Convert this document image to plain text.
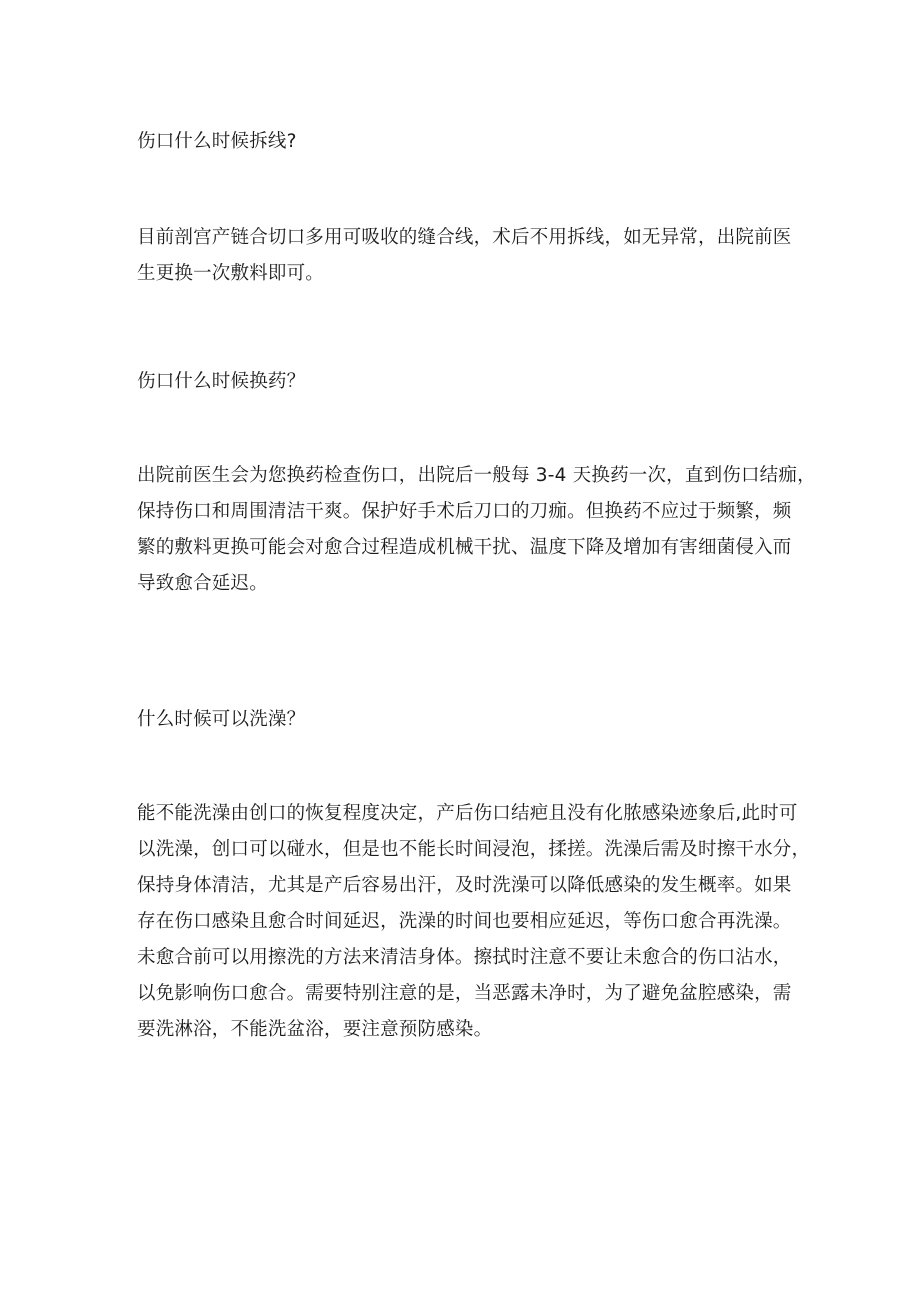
伤口什么时候拆线?

目前剖宫产链合切口多用可吸收的缝合线，术后不用拆线，如无异常，出院前医
生更换一次敷料即可。

伤口什么时候换药？

出院前医生会为您换药检查伤口，出院后一般每 3-4 天换药一次，直到伤口结痂，
保持伤口和周围清洁干爽。保护好手术后刀口的刀痂。但换药不应过于频繁，频
繁的敷料更换可能会对愈合过程造成机械干扰、温度下降及增加有害细菌侵入而
导致愈合延迟。

什么时候可以洗澡？

能不能洗澡由创口的恢复程度决定，产后伤口结疤且没有化脓感染迹象后,此时可
以洗澡，创口可以碰水，但是也不能长时间浸泡，揉搓。洗澡后需及时擦干水分，
保持身体清洁，尤其是产后容易出汗，及时洗澡可以降低感染的发生概率。如果
存在伤口感染且愈合时间延迟，洗澡的时间也要相应延迟，等伤口愈合再洗澡。
未愈合前可以用擦洗的方法来清洁身体。擦拭时注意不要让未愈合的伤口沾水，
以免影响伤口愈合。需要特别注意的是，当恶露未净时，为了避免盆腔感染，需
要洗淋浴，不能洗盆浴，要注意预防感染。
